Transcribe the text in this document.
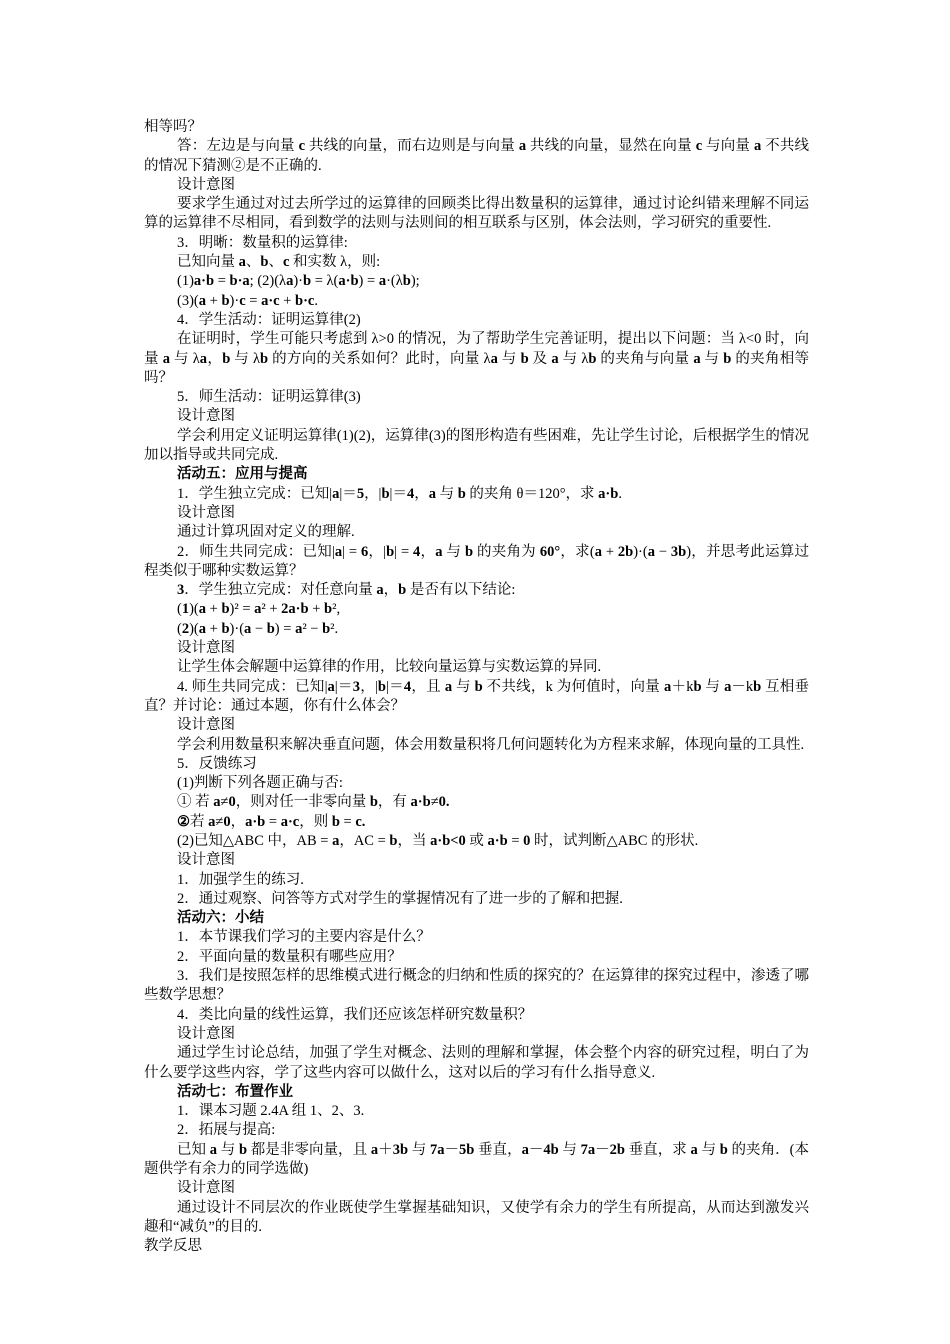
相等吗？

答：左边是与向量 c 共线的向量，而右边则是与向量 a 共线的向量，显然在向量 c 与向量 a 不共线的情况下猜测②是不正确的.

设计意图

要求学生通过对过去所学过的运算律的回顾类比得出数量积的运算律，通过讨论纠错来理解不同运算的运算律不尽相同，看到数学的法则与法则间的相互联系与区别，体会法则，学习研究的重要性.

3．明晰：数量积的运算律:

已知向量 a、b、c 和实数 λ，则:

(1)a·b = b·a; (2)(λa)·b = λ(a·b) = a·(λb);

(3)(a + b)·c = a·c + b·c.

4．学生活动：证明运算律(2)

在证明时，学生可能只考虑到 λ>0 的情况，为了帮助学生完善证明，提出以下问题：当 λ<0 时，向量 a 与 λa，b 与 λb 的方向的关系如何？此时，向量 λa 与 b 及 a 与 λb 的夹角与向量 a 与 b 的夹角相等吗？

5．师生活动：证明运算律(3)

设计意图

学会利用定义证明运算律(1)(2)，运算律(3)的图形构造有些困难，先让学生讨论，后根据学生的情况加以指导或共同完成.

活动五：应用与提高

1．学生独立完成：已知|a|＝5，|b|＝4，a 与 b 的夹角 θ＝120°，求 a·b.

设计意图

通过计算巩固对定义的理解.

2．师生共同完成：已知|a| = 6，|b| = 4，a 与 b 的夹角为 60°，求(a + 2b)·(a − 3b)，并思考此运算过程类似于哪种实数运算？

3．学生独立完成：对任意向量 a，b 是否有以下结论:

(1)(a + b)² = a² + 2a·b + b²,

(2)(a + b)·(a − b) = a² − b².

设计意图

让学生体会解题中运算律的作用，比较向量运算与实数运算的异同.

4. 师生共同完成：已知|a|＝3，|b|＝4，且 a 与 b 不共线，k 为何值时，向量 a＋kb 与 a－kb 互相垂直？并讨论：通过本题，你有什么体会？

设计意图

学会利用数量积来解决垂直问题，体会用数量积将几何问题转化为方程来求解，体现向量的工具性.

5．反馈练习

(1)判断下列各题正确与否:

① 若 a≠0，则对任一非零向量 b，有 a·b≠0.

②若 a≠0，a·b = a·c，则 b = c.

(2)已知△ABC 中，AB = a，AC = b，当 a·b<0 或 a·b = 0 时，试判断△ABC 的形状.

设计意图

1．加强学生的练习.

2．通过观察、问答等方式对学生的掌握情况有了进一步的了解和把握.

活动六：小结

1．本节课我们学习的主要内容是什么？

2．平面向量的数量积有哪些应用？

3．我们是按照怎样的思维模式进行概念的归纳和性质的探究的？在运算律的探究过程中，渗透了哪些数学思想？

4．类比向量的线性运算，我们还应该怎样研究数量积？

设计意图

通过学生讨论总结，加强了学生对概念、法则的理解和掌握，体会整个内容的研究过程，明白了为什么要学这些内容，学了这些内容可以做什么，这对以后的学习有什么指导意义.

活动七：布置作业

1．课本习题 2.4A 组 1、2、3.

2．拓展与提高:

已知 a 与 b 都是非零向量，且 a＋3b 与 7a－5b 垂直，a－4b 与 7a－2b 垂直，求 a 与 b 的夹角．(本题供学有余力的同学选做)

设计意图

通过设计不同层次的作业既使学生掌握基础知识，又使学有余力的学生有所提高，从而达到激发兴趣和“减负”的目的.

教学反思
